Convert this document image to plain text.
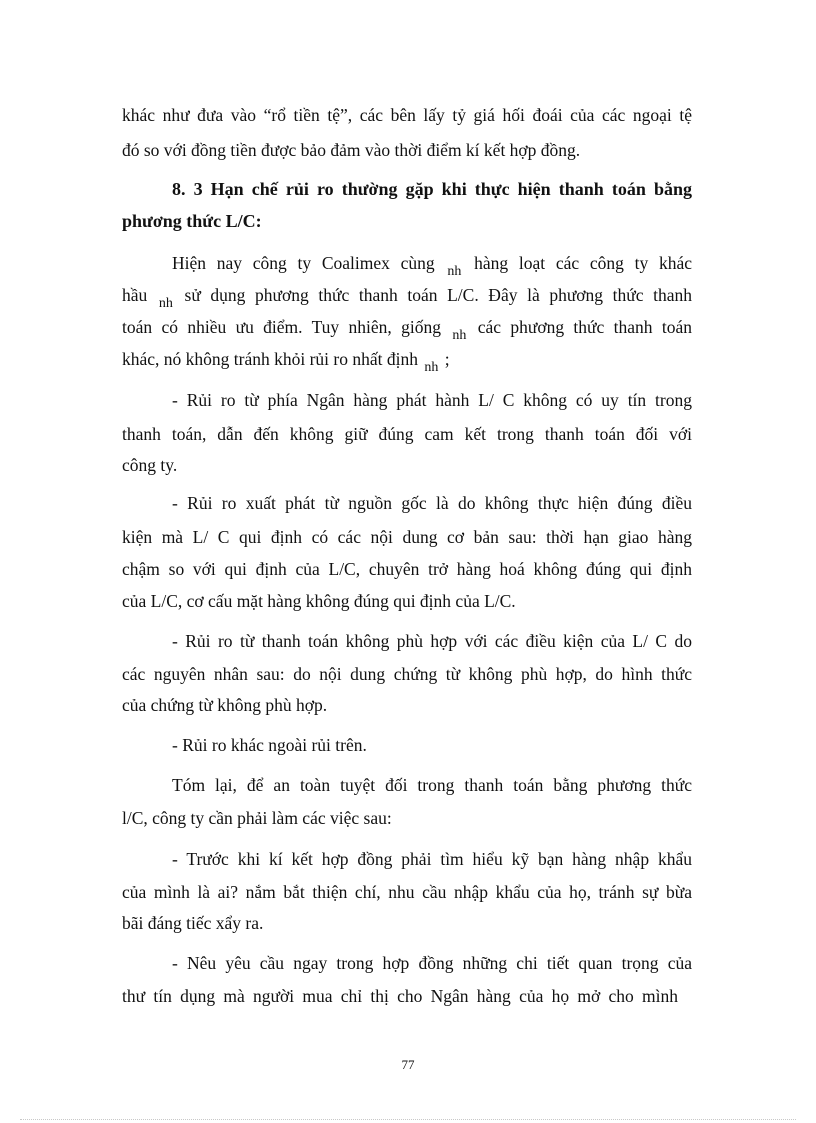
khác như đưa vào “rổ tiền tệ”, các bên lấy tỷ giá hối đoái của các ngoại tệ
đó so với đồng tiền được bảo đảm vào thời điểm kí kết hợp đồng.
8. 3 Hạn chế rủi ro thường gặp khi thực hiện thanh toán bằng
phương thức L/C:
Hiện nay công ty Coalimex cùng $_{nh}$ hàng loạt các công ty khác
hầu $_{nh}$ sử dụng phương thức thanh toán L/C. Đây là phương thức thanh
toán có nhiều ưu điểm. Tuy nhiên, giống $_{nh}$ các phương thức thanh toán
khác, nó không tránh khỏi rủi ro nhất định $_{nh}$ ;
- Rủi ro từ phía Ngân hàng phát hành L/ C không có uy tín trong
thanh toán, dẫn đến không giữ đúng cam kết trong thanh toán đối với
công ty.
- Rủi ro xuất phát từ nguồn gốc là do không thực hiện đúng điều
kiện mà L/ C qui định có các nội dung cơ bản sau: thời hạn giao hàng
chậm so với qui định của L/C, chuyên trở hàng hoá không đúng qui định
của L/C, cơ cấu mặt hàng không đúng qui định của L/C.
- Rủi ro từ thanh toán không phù hợp với các điều kiện của L/ C do
các nguyên nhân sau: do nội dung chứng từ không phù hợp, do hình thức
của chứng từ không phù hợp.
- Rủi ro khác ngoài rủi trên.
Tóm lại, để an toàn tuyệt đối trong thanh toán bằng phương thức
l/C, công ty cần phải làm các việc sau:
- Trước khi kí kết hợp đồng phải tìm hiểu kỹ bạn hàng nhập khẩu
của mình là ai? nắm bắt thiện chí, nhu cầu nhập khẩu của họ, tránh sự bừa
bãi đáng tiếc xẩy ra.
- Nêu yêu cầu ngay trong hợp đồng những chi tiết quan trọng của
thư tín dụng mà người mua chỉ thị cho Ngân hàng của họ mở cho mình
77
